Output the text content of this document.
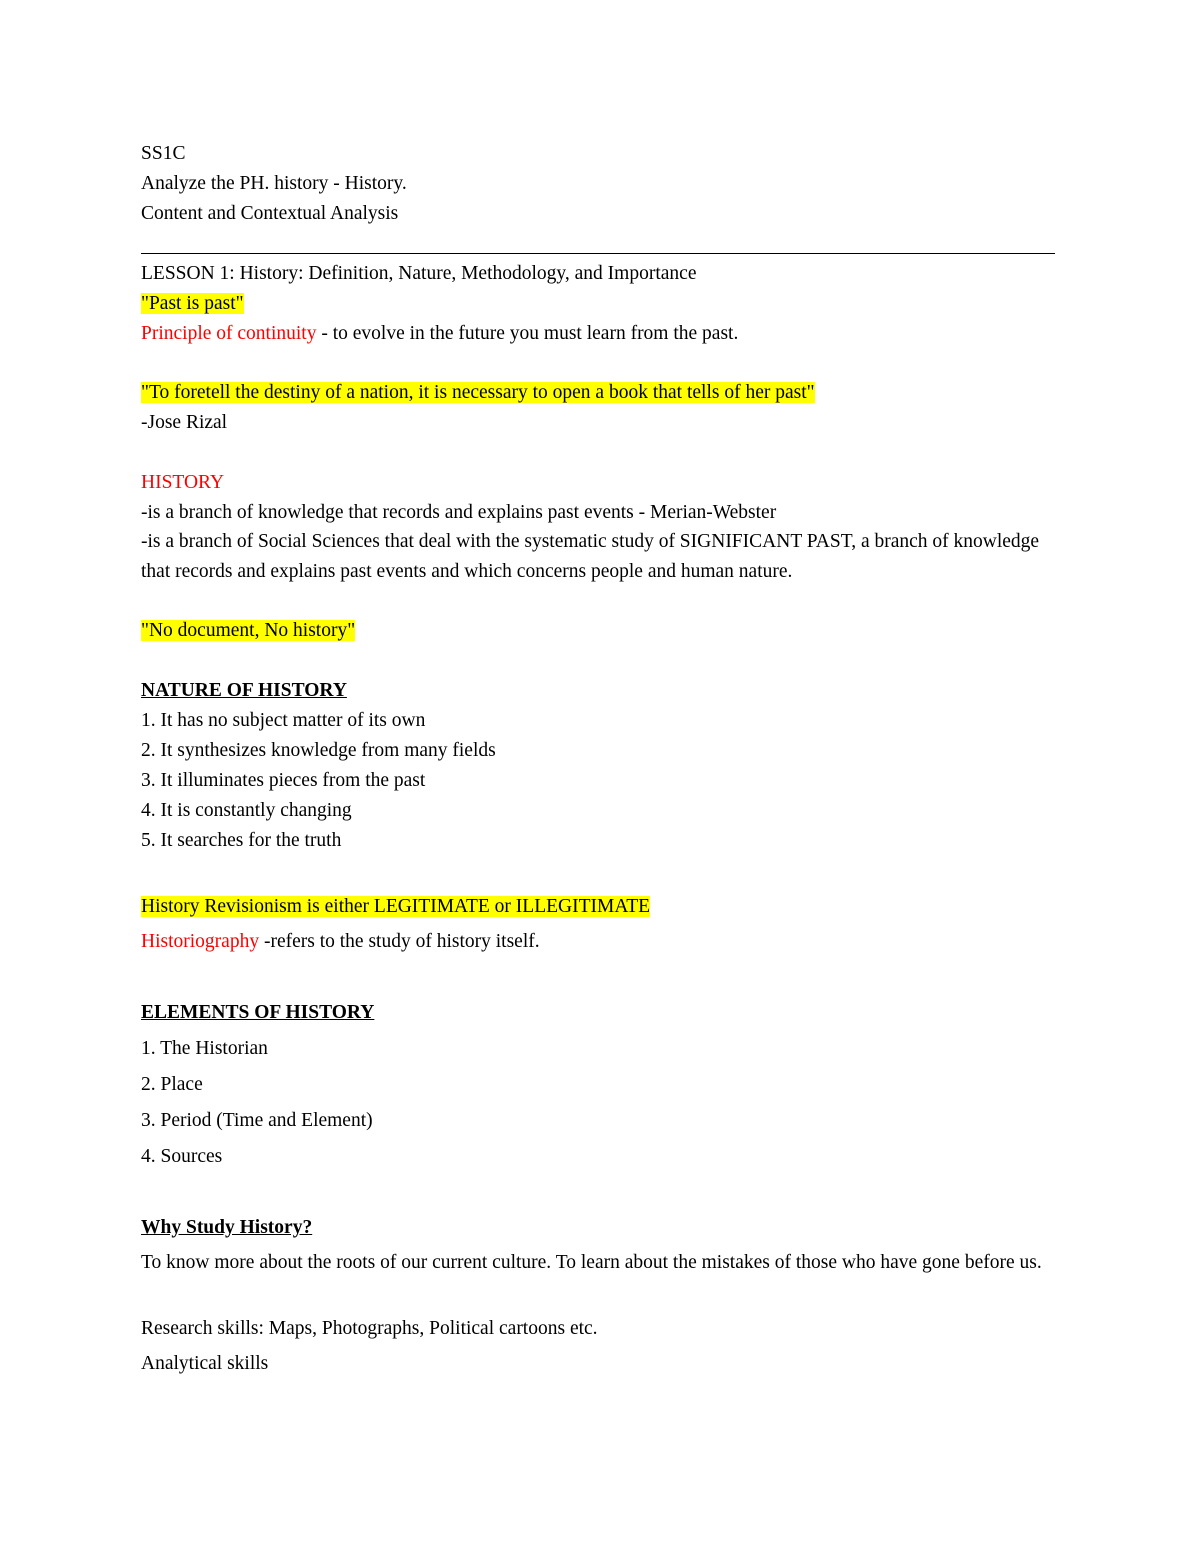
SS1C
Analyze the PH. history - History.
Content and Contextual Analysis
LESSON 1: History: Definition, Nature, Methodology, and Importance
"Past is past"
Principle of continuity - to evolve in the future you must learn from the past.
"To foretell the destiny of a nation, it is necessary to open a book that tells of her past"
-Jose Rizal
HISTORY
-is a branch of knowledge that records and explains past events - Merian-Webster
-is a branch of Social Sciences that deal with the systematic study of SIGNIFICANT PAST, a branch of knowledge that records and explains past events and which concerns people and human nature.
"No document, No history"
NATURE OF HISTORY
1. It has no subject matter of its own
2. It synthesizes knowledge from many fields
3. It illuminates pieces from the past
4. It is constantly changing
5. It searches for the truth
History Revisionism is either LEGITIMATE or ILLEGITIMATE
Historiography -refers to the study of history itself.
ELEMENTS OF HISTORY
1. The Historian
2. Place
3. Period (Time and Element)
4. Sources
Why Study History?
To know more about the roots of our current culture. To learn about the mistakes of those who have gone before us.
Research skills: Maps, Photographs, Political cartoons etc.
Analytical skills
